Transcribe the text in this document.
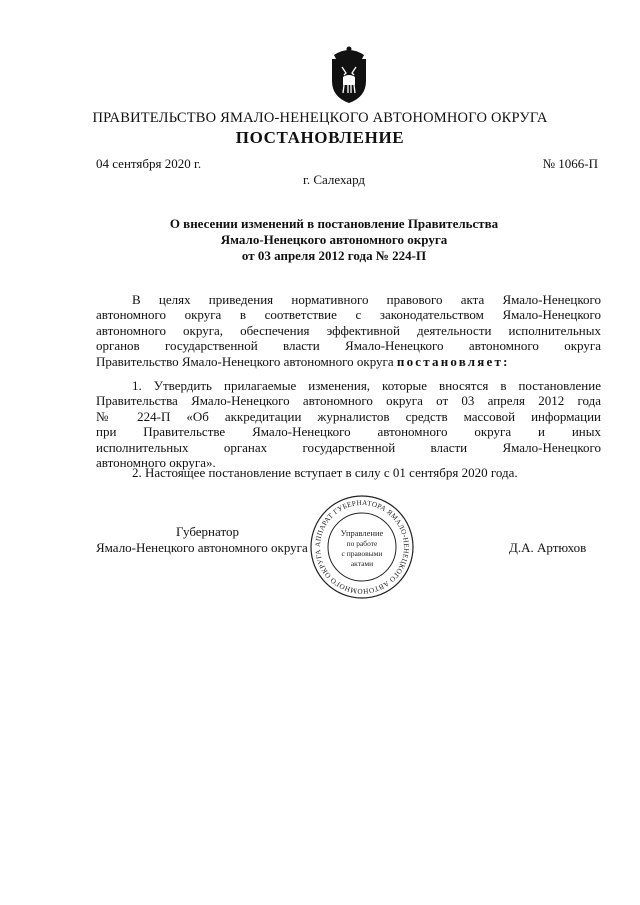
ПРАВИТЕЛЬСТВО ЯМАЛО-НЕНЕЦКОГО АВТОНОМНОГО ОКРУГА
ПОСТАНОВЛЕНИЕ
04 сентября 2020 г.	№ 1066-П
г. Салехард
О внесении изменений в постановление Правительства
Ямало-Ненецкого автономного округа
от 03 апреля 2012 года № 224-П
В целях приведения нормативного правового акта Ямало-Ненецкого
автономного округа в соответствие с законодательством Ямало-Ненецкого
автономного округа, обеспечения эффективной деятельности исполнительных
органов государственной власти Ямало-Ненецкого автономного округа
Правительство Ямало-Ненецкого автономного округа постановляет:
1. Утвердить прилагаемые изменения, которые вносятся в постановление
Правительства Ямало-Ненецкого автономного округа от 03 апреля 2012 года
№ 224-П «Об аккредитации журналистов средств массовой информации
при Правительстве Ямало-Ненецкого автономного округа и иных
исполнительных органах государственной власти Ямало-Ненецкого
автономного округа».
2. Настоящее постановление вступает в силу с 01 сентября 2020 года.
Губернатор
Ямало-Ненецкого автономного округа	Д.А. Артюхов
АППАРАТ ГУБЕРНАТОРА ЯМАЛО-НЕНЕЦКОГО АВТОНОМНОГО ОКРУГА
Управление
по работе
с правовыми
актами
